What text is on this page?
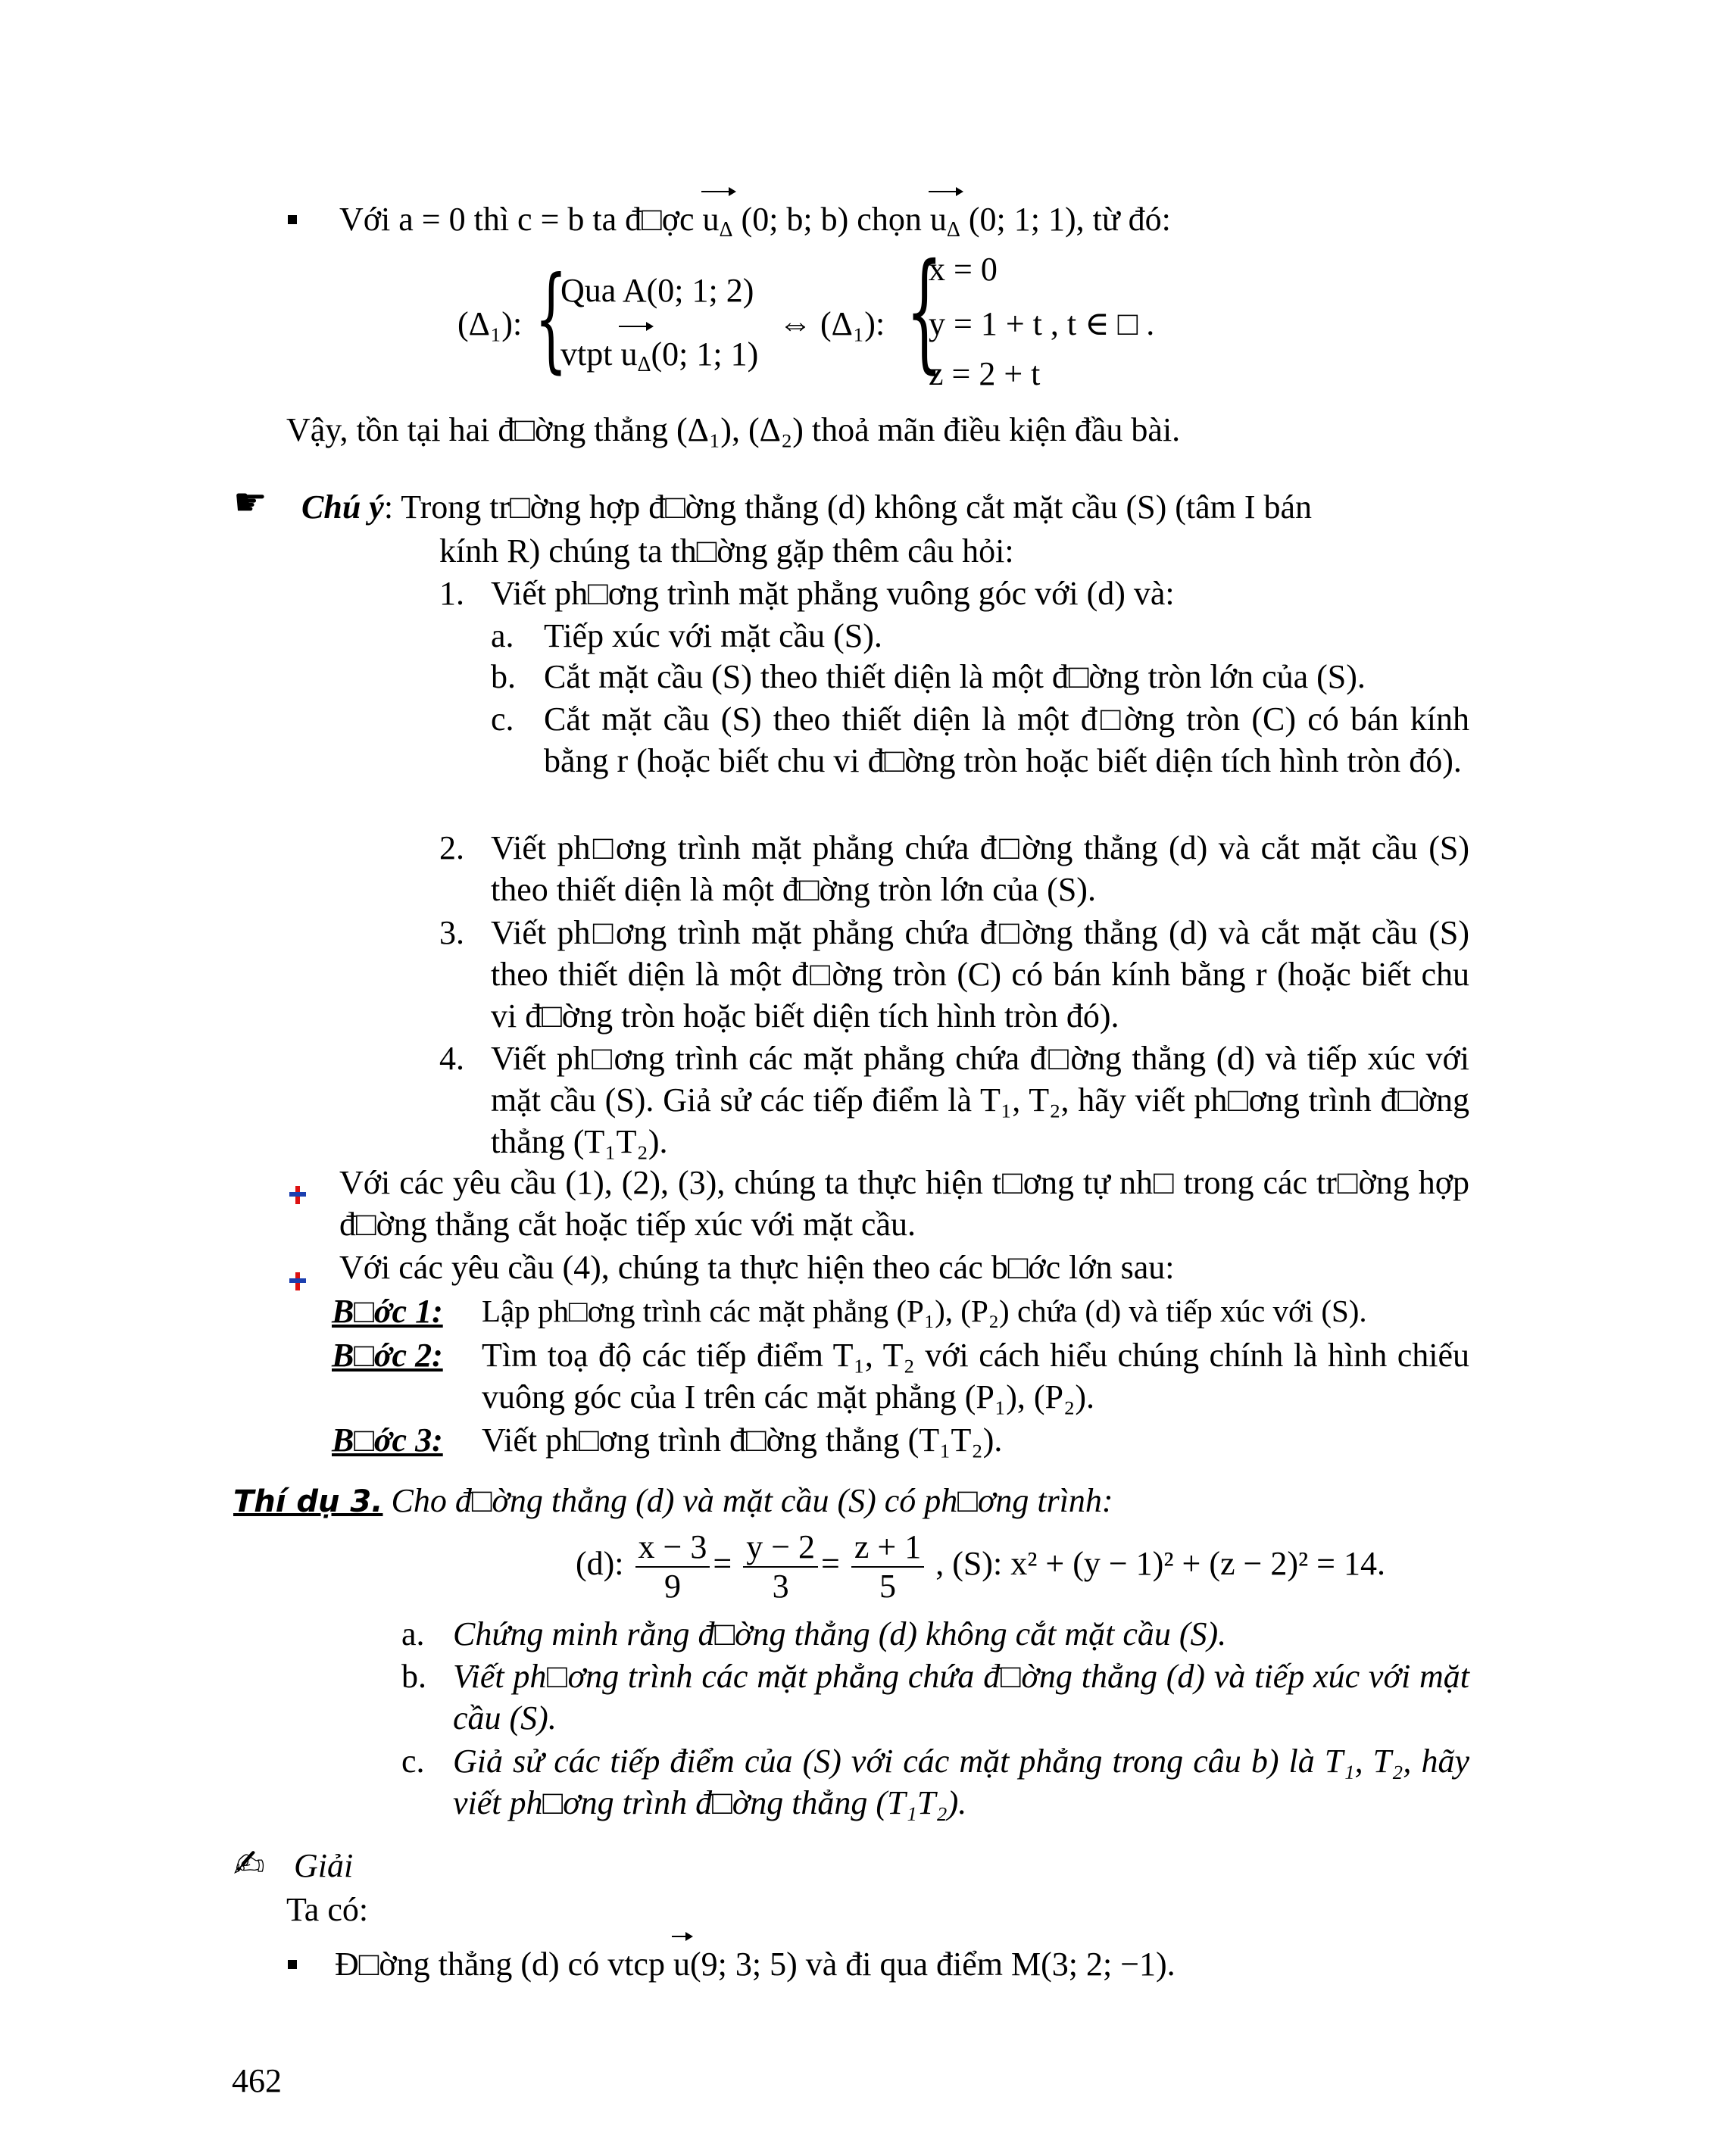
Với a = 0 thì c = b ta đ□ợc $u_\Delta$ (0; b; b) chọn $u_\Delta$ (0; 1; 1), từ đó:
(Δ₁): {
Qua A(0; 1; 2)
vtpt $u_\Delta(0$; 1; 1)
⇔ (Δ₁): {
x = 0
y = 1 + t , t ∈ □ .
z = 2 + t
Vậy, tồn tại hai đ□ờng thẳng (Δ₁), (Δ₂) thoả mãn điều kiện đầu bài.
☛ Chú ý: Trong tr□ờng hợp đ□ờng thẳng (d) không cắt mặt cầu (S) (tâm I bán
kính R) chúng ta th□ờng gặp thêm câu hỏi:
1. Viết ph□ơng trình mặt phẳng vuông góc với (d) và:
a. Tiếp xúc với mặt cầu (S).
b. Cắt mặt cầu (S) theo thiết diện là một đ□ờng tròn lớn của (S).
c. Cắt mặt cầu (S) theo thiết diện là một đ□ờng tròn (C) có bán kính bằng r (hoặc biết chu vi đ□ờng tròn hoặc biết diện tích hình tròn đó).
2. Viết ph□ơng trình mặt phẳng chứa đ□ờng thẳng (d) và cắt mặt cầu (S) theo thiết diện là một đ□ờng tròn lớn của (S).
3. Viết ph□ơng trình mặt phẳng chứa đ□ờng thẳng (d) và cắt mặt cầu (S) theo thiết diện là một đ□ờng tròn (C) có bán kính bằng r (hoặc biết chu vi đ□ờng tròn hoặc biết diện tích hình tròn đó).
4. Viết ph□ơng trình các mặt phẳng chứa đ□ờng thẳng (d) và tiếp xúc với mặt cầu (S). Giả sử các tiếp điểm là T₁, T₂, hãy viết ph□ơng trình đ□ờng thẳng (T₁T₂).
Với các yêu cầu (1), (2), (3), chúng ta thực hiện t□ơng tự nh□ trong các tr□ờng hợp đ□ờng thẳng cắt hoặc tiếp xúc với mặt cầu.
Với các yêu cầu (4), chúng ta thực hiện theo các b□ớc lớn sau:
B□ớc 1: Lập ph□ơng trình các mặt phẳng (P₁), (P₂) chứa (d) và tiếp xúc với (S).
B□ớc 2: Tìm toạ độ các tiếp điểm T₁, T₂ với cách hiểu chúng chính là hình chiếu vuông góc của I trên các mặt phẳng (P₁), (P₂).
B□ớc 3: Viết ph□ơng trình đ□ờng thẳng (T₁T₂).
Thí dụ 3. Cho đ□ờng thẳng (d) và mặt cầu (S) có ph□ơng trình:
(d): $\frac{x - 3}{9} = \frac{y - 2}{3} = \frac{z + 1}{5}$ , (S): x² + (y − 1)² + (z − 2)² = 14.
a. Chứng minh rằng đ□ờng thẳng (d) không cắt mặt cầu (S).
b. Viết ph□ơng trình các mặt phẳng chứa đ□ờng thẳng (d) và tiếp xúc với mặt cầu (S).
c. Giả sử các tiếp điểm của (S) với các mặt phẳng trong câu b) là T₁, T₂, hãy viết ph□ơng trình đ□ờng thẳng (T₁T₂).
✍ Giải
Ta có:
Đ□ờng thẳng (d) có vtcp u(9; 3; 5) và đi qua điểm M(3; 2; −1).
462
